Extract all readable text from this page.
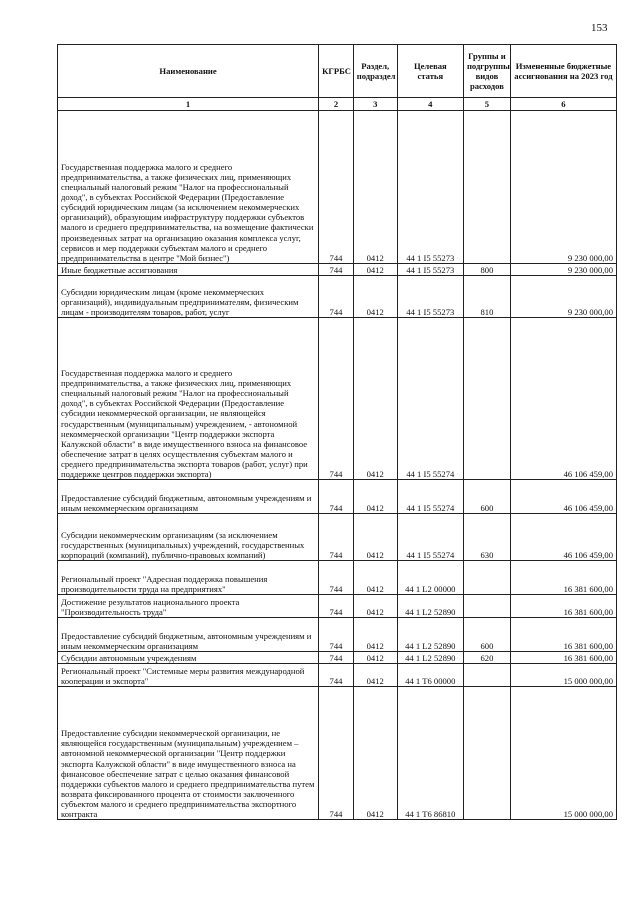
153
Наименование	КГРБС	Раздел, подраздел	Целевая статья	Группы и подгруппы видов расходов	Измененные бюджетные ассигнования на 2023 год
1	2	3	4	5	6
Государственная поддержка малого и среднего предпринимательства, а также физических лиц, применяющих специальный налоговый режим "Налог на профессиональный доход", в субъектах Российской Федерации (Предоставление субсидий юридическим лицам (за исключением некоммерческих организаций), образующим инфраструктуру поддержки субъектов малого и среднего предпринимательства, на возмещение фактически произведенных затрат на организацию оказания комплекса услуг, сервисов и мер поддержки субъектам малого и среднего предпринимательства в центре "Мой бизнес")	744	0412	44 1 I5 55273		9 230 000,00
Иные бюджетные ассигнования	744	0412	44 1 I5 55273	800	9 230 000,00
Субсидии юридическим лицам (кроме некоммерческих организаций), индивидуальным предпринимателям, физическим лицам - производителям товаров, работ, услуг	744	0412	44 1 I5 55273	810	9 230 000,00
Государственная поддержка малого и среднего предпринимательства, а также физических лиц, применяющих специальный налоговый режим "Налог на профессиональный доход", в субъектах Российской Федерации (Предоставление субсидии некоммерческой организации, не являющейся государственным (муниципальным) учреждением, - автономной некоммерческой организации "Центр поддержки экспорта Калужской области" в виде имущественного взноса на финансовое обеспечение затрат в целях осуществления субъектам малого и среднего предпринимательства экспорта товаров (работ, услуг) при поддержке центров поддержки экспорта)	744	0412	44 1 I5 55274		46 106 459,00
Предоставление субсидий бюджетным, автономным учреждениям и иным некоммерческим организациям	744	0412	44 1 I5 55274	600	46 106 459,00
Субсидии некоммерческим организациям (за исключением государственных (муниципальных) учреждений, государственных корпораций (компаний), публично-правовых компаний)	744	0412	44 1 I5 55274	630	46 106 459,00
Региональный проект "Адресная поддержка повышения производительности труда на предприятиях"	744	0412	44 1 L2 00000		16 381 600,00
Достижение результатов национального проекта "Производительность труда"	744	0412	44 1 L2 52890		16 381 600,00
Предоставление субсидий бюджетным, автономным учреждениям и иным некоммерческим организациям	744	0412	44 1 L2 52890	600	16 381 600,00
Субсидии автономным учреждениям	744	0412	44 1 L2 52890	620	16 381 600,00
Региональный проект "Системные меры развития международной кооперации и экспорта"	744	0412	44 1 T6 00000		15 000 000,00
Предоставление субсидии некоммерческой организации, не являющейся государственным (муниципальным) учреждением – автономной некоммерческой организации "Центр поддержки экспорта Калужской области" в виде имущественного взноса на финансовое обеспечение затрат с целью оказания финансовой поддержки субъектов малого и среднего предпринимательства путем возврата фиксированного процента от стоимости заключенного субъектом малого и среднего предпринимательства экспортного контракта	744	0412	44 1 T6 86810		15 000 000,00
